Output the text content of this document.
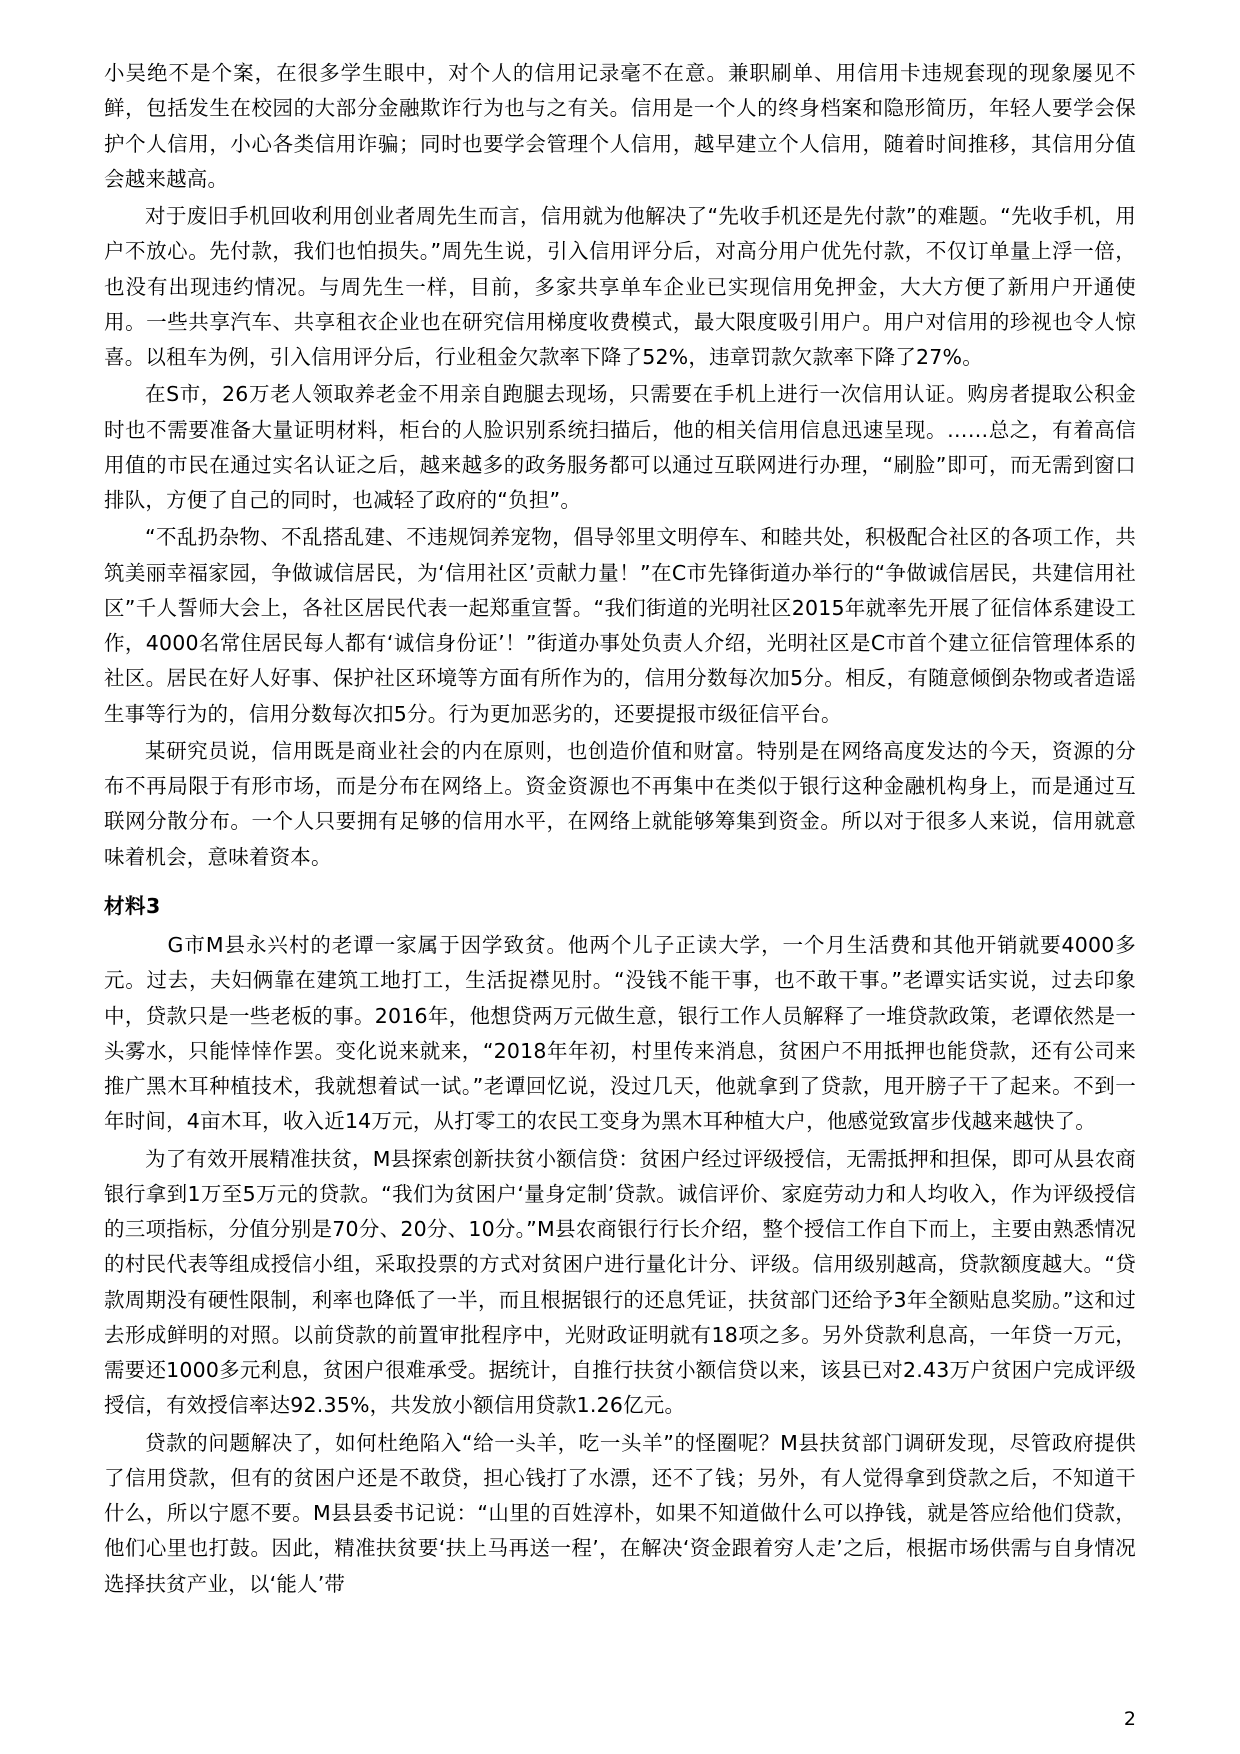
小吴绝不是个案，在很多学生眼中，对个人的信用记录毫不在意。兼职刷单、用信用卡违规套现的现象屡见不鲜，包括发生在校园的大部分金融欺诈行为也与之有关。信用是一个人的终身档案和隐形简历，年轻人要学会保护个人信用，小心各类信用诈骗；同时也要学会管理个人信用，越早建立个人信用，随着时间推移，其信用分值会越来越高。

对于废旧手机回收利用创业者周先生而言，信用就为他解决了“先收手机还是先付款”的难题。“先收手机，用户不放心。先付款，我们也怕损失。”周先生说，引入信用评分后，对高分用户优先付款，不仅订单量上浮一倍，也没有出现违约情况。与周先生一样，目前，多家共享单车企业已实现信用免押金，大大方便了新用户开通使用。一些共享汽车、共享租衣企业也在研究信用梯度收费模式，最大限度吸引用户。用户对信用的珍视也令人惊喜。以租车为例，引入信用评分后，行业租金欠款率下降了52%，违章罚款欠款率下降了27%。

在S市，26万老人领取养老金不用亲自跑腿去现场，只需要在手机上进行一次信用认证。购房者提取公积金时也不需要准备大量证明材料，柜台的人脸识别系统扫描后，他的相关信用信息迅速呈现。……总之，有着高信用值的市民在通过实名认证之后，越来越多的政务服务都可以通过互联网进行办理，“刷脸”即可，而无需到窗口排队，方便了自己的同时，也减轻了政府的“负担”。

“不乱扔杂物、不乱搭乱建、不违规饲养宠物，倡导邻里文明停车、和睦共处，积极配合社区的各项工作，共筑美丽幸福家园，争做诚信居民，为‘信用社区’贡献力量！”在C市先锋街道办举行的“争做诚信居民，共建信用社区”千人誓师大会上，各社区居民代表一起郑重宣誓。“我们街道的光明社区2015年就率先开展了征信体系建设工作，4000名常住居民每人都有‘诚信身份证’！”街道办事处负责人介绍，光明社区是C市首个建立征信管理体系的社区。居民在好人好事、保护社区环境等方面有所作为的，信用分数每次加5分。相反，有随意倾倒杂物或者造谣生事等行为的，信用分数每次扣5分。行为更加恶劣的，还要提报市级征信平台。

某研究员说，信用既是商业社会的内在原则，也创造价值和财富。特别是在网络高度发达的今天，资源的分布不再局限于有形市场，而是分布在网络上。资金资源也不再集中在类似于银行这种金融机构身上，而是通过互联网分散分布。一个人只要拥有足够的信用水平，在网络上就能够筹集到资金。所以对于很多人来说，信用就意味着机会，意味着资本。

材料3

G市M县永兴村的老谭一家属于因学致贫。他两个儿子正读大学，一个月生活费和其他开销就要4000多元。过去，夫妇俩靠在建筑工地打工，生活捉襟见肘。“没钱不能干事，也不敢干事。”老谭实话实说，过去印象中，贷款只是一些老板的事。2016年，他想贷两万元做生意，银行工作人员解释了一堆贷款政策，老谭依然是一头雾水，只能悻悻作罢。变化说来就来，“2018年年初，村里传来消息，贫困户不用抵押也能贷款，还有公司来推广黑木耳种植技术，我就想着试一试。”老谭回忆说，没过几天，他就拿到了贷款，甩开膀子干了起来。不到一年时间，4亩木耳，收入近14万元，从打零工的农民工变身为黑木耳种植大户，他感觉致富步伐越来越快了。

为了有效开展精准扶贫，M县探索创新扶贫小额信贷：贫困户经过评级授信，无需抵押和担保，即可从县农商银行拿到1万至5万元的贷款。“我们为贫困户‘量身定制’贷款。诚信评价、家庭劳动力和人均收入，作为评级授信的三项指标，分值分别是70分、20分、10分。”M县农商银行行长介绍，整个授信工作自下而上，主要由熟悉情况的村民代表等组成授信小组，采取投票的方式对贫困户进行量化计分、评级。信用级别越高，贷款额度越大。“贷款周期没有硬性限制，利率也降低了一半，而且根据银行的还息凭证，扶贫部门还给予3年全额贴息奖励。”这和过去形成鲜明的对照。以前贷款的前置审批程序中，光财政证明就有18项之多。另外贷款利息高，一年贷一万元，需要还1000多元利息，贫困户很难承受。据统计，自推行扶贫小额信贷以来，该县已对2.43万户贫困户完成评级授信，有效授信率达92.35%，共发放小额信用贷款1.26亿元。

贷款的问题解决了，如何杜绝陷入“给一头羊，吃一头羊”的怪圈呢？M县扶贫部门调研发现，尽管政府提供了信用贷款，但有的贫困户还是不敢贷，担心钱打了水漂，还不了钱；另外，有人觉得拿到贷款之后，不知道干什么，所以宁愿不要。M县县委书记说：“山里的百姓淳朴，如果不知道做什么可以挣钱，就是答应给他们贷款，他们心里也打鼓。因此，精准扶贫要‘扶上马再送一程’，在解决‘资金跟着穷人走’之后，根据市场供需与自身情况选择扶贫产业，以‘能人’带

2
